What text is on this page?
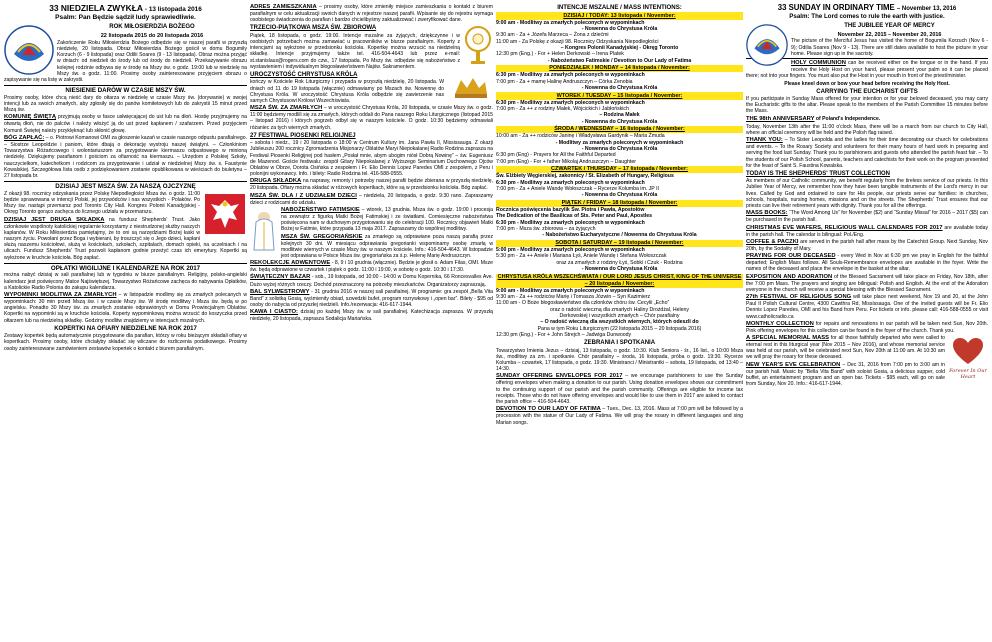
33 NIEDZIELA ZWYKŁA - 13 listopada 2016
Psalm: Pan Będzie sądził ludy sprawiedliwie.
ROK MIŁOSIERDZIA BOŻEGO
22 listopada 2015 do 20 listopada 2016

Zakończenie Roku Miłosierdzia Bożego odbędzie się w naszej parafii w przyszłą niedzielę, 20 listopada. Obraz Miłosierdzia Bożego gościł w domu Bogumiły Korzuch (6 - 9 listopada) oraz Odilii Soares (9 - 13 listopada). Obraz można przyjąć w dniach: od niedzieli do środy lub od środy do niedzieli. Przekazywanie obrazu kolejnej rodzinie odbywa się w środę na Mszy św. o godz. 19:00 lub w niedzielę na Mszy św. o godz. 11:00. Prosimy osoby zainteresowane przyjęciem obrazu o zapisywanie się na listę w zakrystii.

NIESIENIE DARÓW W CZASIE MSZY ŚW.

Prosimy osoby, które chcą nieść dary do ołtarza w niedzielę w czasie Mszy św. (dorywanie) w swojej intencji lub za swoich zmarłych, aby zgłosiły się do panów komitetowych lub do zakrystii 15 minut przed Mszą św.

KOMUNIĘ ŚWIĘTĄ przyjmują osoby w fasce usłwięcającej do ust lub na dłoń. Hostię przyjmujemy na otwartą dłoń, nie do palców i należy włożyć ją do ust przed kapłanem / szafarzem. Przed przyjęciem Komunii Świętej należy przyklęknąć lub skłonić głowę.

BÓG ZAPŁAĆ: – o. Piotrowi Komanowi OMI za głoszenie kazań w czasie naszego odpustu parafialnego. – Siostrze Leopoldzie i paniom, które dbają o dekorację wystroju naszej świątyni. – Członkiniom Towarzystwa Różańcowego i wolontariuszom za przygotowanie kiermaszu odpustowego w minioną niedzielę. Dziękujemy parafianom i gościom za ofiarność na kiermaszu. – Urzędom z Polskiej Szkoły, nauczycielkom, katechetkom i rodzicom za przygotowanie i udział w niedzielnej Mszy św. s. Faustynie Kowalskiej. Szczegółowa lista osób z podziękowaniem zostanie opublikowana w wieściach do biuletynu – 27 listopada br.

DZISIAJ JEST MSZA ŚW. ZA NASZĄ OJCZYZNĘ

Z okazji 98. rocznicy odzyskania przez Polskę Niepodległości Msza św. o godz. 11:00 będzie sprawowana w intencji Polski, jej przywódców i nas wszystkich - Polaków. Po Mszy św. nastąpi przemarsz pod Toronto City Hall. Kongres Polonii Kanadyjskiej - Okręg Toronto gorąco zachęca do licznego udziału w przemarszu.

DZISIAJ JEST DRUGA SKŁADKA na fundusz Shepherds' Trust. Jako członkowie wspólnoty katolickiej regularnie korzystamy z niestrudzonej służby naszych kapłanów. W Roku Miłosierdzia pamiętajmy, że to oni są narzędziami Bożej łaski w naszym życiu. Powołani przez Boga i wybierani, by troszczyć się o Jego dzieci, kapłani służą naszemu kościołowi, służą w kościołach, szkołach, szpitalach, domach opieki, na uczelniach i na ulicach. Fundusz Shepherds' Trust pozwoli kapłanom godnie przeżyć czas ich emerytury. Kopertki są wyłożone w kruchcie kościoła. Bóg zapłać.

OPŁATKI WIGILIJNE I KALENDARZE NA ROK 2017

można nabyć dzisiaj w sali parafialnej lub w tygodniu w biurze parafialnym. Religijny, polsko-angielski kalendarz jest poświęcony Matce Najświętszej. Towarzystwo Różańcowe zachęca do nabywania Opłatków, a Katolickie Radio Polonia do zakupu kalendarza.

WYPOMINKI MODLITWA ZA ZMARŁYCH – w listopadzie modlimy się za zmarłych polecanych w wypominkach: 30 min przed Mszą św. i w czasie Mszy św. W środę modlitwy i Msza św. będą w po angielsku. Ponadto 30 Mszy św. za zmarłych zostanie odprawionych w Domu Prowincjalnym Oblatów. Kopertki na wypominki są w kruchcie kościoła. Koperty wypominkową można wrzucić do koszyczka przed ołtarzem lub na niedzielną składkę. Godziny modlitw znajdziemy w intencjach mszalnych.

KOPERTKI NA OFIARY NIEDZIELNE NA ROK 2017

Zestawy kopertek będą automatycznie przygotowane dla parafian, którzy w roku bieżącym składali ofiary w kopertkach. Prosimy osoby, które chciałyby składać się wliczane do rozliczenia podatkowego. Prosimy osoby zainteresowane zamówieniem zestawów kopertek o kontakt z biurem parafialnym.

ADRES ZAMIESZKANIA – prosimy osoby, które zmieniły miejsce zamieszkania o kontakt z biurem parafialnym w celu aktualizacji swoich danych w rejestrze naszej parafii. Wpisanie się do rejestru wymaga osobistego świadczenia do parafian i bardzo chcielibyśmy zaktualizować i zweryfikować dane.

TRZECIO-PIĄTKOWA MSZA ŚW. ZBIOROWA

Piątek, 18 listopada, o godz. 19:00. Intencje mszalne za żyjących, dziękczynne i w osobistych potrzebach można zamawiać u pracowników w biurze parafialnym. Koperty z intencjami są wyłożone w przedsionku kościoła. Kopertkę można wrzucić na niedzielną składkę. Intencje przyjmujemy także tel. 416-504-4643 lub przez e-mail: st.stanislaus@rogers.com do czw., 17 listopada. Po Mszy św. odbędzie się nabożeństwo z wystawieniem i indywidualnym błogosławieństwem Najśw. Sakramentem.

UROCZYSTOŚĆ CHRYSTUSA KRÓLA

kończy w Kościele Rok Liturgiczny i przypada w przyszłą niedzielę, 20 listopada. W dniach od 11 do 19 listopada (włącznie) odmawiamy po Mszach św. Nowennę do Chrystusa Króla. W uroczystość Chrystusa Króla odbędzie się zawierzenie nas samych Chrystusowi Królowi Wszechświata.

MSZA ŚW. ZA ZMARŁYCH – w uroczystość Chrystusa Króla, 20 listopada, w czasie Mszy św. o godz. 11:00 będziemy modlili się za zmarłych, których oddali do Pana naszego Roku Liturgicznego (listopad 2015 – listopad 2016) i których pogrzeb odbył się w naszym kościele. O godz. 10:30 będziemy odmawiali różaniec za tych wiernych zmarłych.

27 FESTIWAL PIOSENKI RELIGIJNEJ

– sobota i niedz., 19 i 20 listopada o 18:00 w Centrum Kultury im. Jana Pawła II, Mississauga. Z okazji Jubileuszu 200 rocznicy Zgromadzenia Misjonarzy Oblatów Maryi Niepokalanej Radio Rodzina zaprasza na Festiwal Piosenki Religijnej pod hasłem „Posłał mnie, abym ubogim niósł Dobrą Nowinę” – św. Eugeniusz de Mazenod. Goście festiwalu: zespół Gitary Niepokalanej z Wyższego Seminarium Duchownego Ojców Oblatów w Obrze, Dorota Osińska z zespołem i Fr. Elio Dennis Lopez Paredes OMI z zespołem, z Peru i polonijni wykonawcy. Info. i bilety: Radio Rodzina tel. 416-588-0555.

DRUGA SKŁADKA na naprawy, remonty i potrzeby naszej parafii będzie zbierana w przyszłą niedzielę, 20 listopada. Ofiary można składać w różowych kopertkach, które są w przedsionku kościoła. Bóg zapłać.

MSZA ŚW. DLA / Z UDZIAŁEM DZIECI – niedziela, 20 listopada, o godz. 9:30 rano. Zapraszamy dzieci z rodzicami do udziału.

NABOŻEŃSTWO FATIMSKIE – wtorek, 13 grudnia. Msza św. o godz. 19:00 i procesja na zewnątrz z figurką Matki Bożej Fatimskiej i ze światłami. Comiesięczne nabożeństwa poświęcona nam w duchowym przygotowaniu się do celebracji 100. Rocznicy objawień Matki Bożej w Fatimie, które przypada 13 maja 2017. Zapraszamy do wspólnej modlitwy.

MSZA ŚW. GREGORIAŃSKIE za zmarłego są odprawiane poza naszą parafią przez kolejnych 30 dni. W miesiącu odprawiania gregorianki wspominamy osobę zmarłą w modlitwie wiernych w czasie Mszy św. w naszym kościele. Info.: 416-504-4643. W listopadzie jest odprawiana w Polsce Msza św. gregoriańska za ś.p. Helenę Marię Andruszczyn.

REKOLEKCJE ADWENTOWE - 8, 9 i 10 grudnia (włącznie). Będzie je głosił o. Adam Filas, OMI. Msze św. będą odprawione w czwartek i piątek o godz. 11:00 i 19:00, w sobotę o godz. 10:30 i 17:30.

ŚWIĄTECZNY BAZAR - sob., 19 listopada, od 10:00 - 14:00 w Domu Kopernika, 66 Roncesvalles Ave. Dużo wyżej różnych rzeczy. Dochód przeznaczony na potrzeby mieszkańców. Organizatorzy zapraszają.

BAL SYLWESTROWY - 31 grudnia 2016 w naszej sali parafialnej. W programie: gra zespół „Bella Vita Band” z solistką Gosią, wyśmienity obiad, szwedzki bufet, program rozrywkowy i „open bar”. Bilety - $95 od osoby do nabycia od przyszłej niedzieli. Info./rezerwacja: 416-617-1944.

KAWA I CIASTO: dzisiaj po każdej Mszy św. w sali parafialnej. Katechizacja zaprasza. W przyszłą niedzielę, 20 listopada, zaprasza Sodalicja Mariańska.

INTENCJE MSZALNE / MASS INTENTIONS:
DZISIAJ / TODAY: 13 listopada / November:
9:00 am - Modlitwy za zmarłych poleconych w wypominkach
- Nowenna do Chrystusa Króla
9:30 am - Za + Józefa Marzeca – Żona z dziećmi
11:00 am - Za Polskę z okazji 98. Rocznicy Odzyskania Niepodległości
– Kongres Polonii Kanadyjskiej - Okręg Toronto
12:30 pm (Eng.) - For + Helen Derkowski – Irena Platek
- Nabożeństwo Fatimskie / Devotion to Our Lady of Fatima
PONIEDZIAŁEK / MONDAY – 14 listopada / November:
6:30 pm - Modlitwy za zmarłych poleconych w wypominkach
7:00 pm - Za + mamę Halinę Andruszczyn – Córka Zenobia
- Nowenna do Chrystusa Króla
WTOREK / TUESDAY – 15 listopada / November:
6:30 pm - Modlitwy za zmarłych poleconych w wypominkach
7:00 pm - Za ++ z rodziny Małek, Wójcickich i Jabłońskich
– Rodzina Małek
- Nowenna do Chrystusa Króla
ŚRODA / WEDNESDAY – 16 listopada / November:
10:00 am - Za ++ rodziców Janinę i Władysława Gardynik – Maria Żmuda
- Modlitwy za zmarłych poleconych w wypominkach
- Nowenna do Chrystusa Króla
6:30 pm (Eng) - Prayers for All the Faithful Departed
7:00 pm (Eng) - For + father Mikolaj Andruszczyn – Daughter
CZWARTEK / THURSDAY – 17 listopada / November:
Św. Elżbiety Węgierskiej, zakonnicy / St. Elizabeth of Hungary, Religious
6:30 pm - Modlitwy za zmarłych poleconych w wypominkach
7:00 pm - Za + Aniele Wandę Wołoszczak – Rycerze Kolumba im. JP II
- Nowenna do Chrystusa Króla
PIĄTEK / FRIDAY – 18 listopada / November:
Rocznica poświęcenia bazylik Św. Piotra i Pawła, Apostołów
The Dedication of the Basilicas of Sts. Peter and Paul, Apostles
6:30 pm - Modlitwy za zmarłych poleconych w wypominkach
7:00 pm - Msza św. zbiorowa – za żyjących
- Nabożeństwo Eucharystyczne / Nowenna do Chrystusa Króla
SOBOTA / SATURDAY – 19 listopada / November:
5:00 pm - Modlitwy za zmarłych poleconych w wypominkach
5:30 pm - Za ++ Aniele i Mariana Łyś, Aniele Wandę i Stefana Wołoszczak
oraz za zmarłych z rodziny Łyś, Sobki i Czuk - Rodzina
- Nowenna do Chrystusa Króla
CHRYSTUSA KRÓLA WSZECHŚWIATA / OUR LORD JESUS CHRIST, KING OF THE UNIVERSE – 20 listopada / November:
9:00 am - Modlitwy za zmarłych poleconych w wypominkach
9:30 am - Za ++ rodziców Marię i Tomasza Józwin – Syn Kazimierz
11:00 am - O Boże błogosławieństwo dla członków chóru św. Cecylii „Echo”
oraz o radość wieczną dla zmarłych Haliny Drożdżal, Heleny
Derkowskiej i wszystkich zmarłych – Chór parafialny
– O radość wieczną dla wszystkich wiernych, których odeszli do
Pana w tym Roku Liturgicznym (22 listopada 2015 – 20 listopada 2016)
12:30 pm (Eng.) - For + John Strejch – Jadwiga Dunwoody
ZEBRANIA I SPOTKANIA

Towarzystwo Imienia Jezus – dzisiaj, 13 listopada, o godz. 10:30. Klub Seniora - śr., 16 list., o 10:00 Msza św., modlitwy za zm. i spotkanie. Chór parafialny – środa, 16 listopada, próba o godz. 19:30. Rycerze Kolumba – czwartek, 17 listopada, o godz. 19:30. Ministranci / Ministrantki – sobota, 19 listopada, od 13:40 – 14:30.

SUNDAY OFFERING ENVELOPES FOR 2017 – we encourage parishioners to use the Sunday offering envelopes when making a donation to our parish. Using donation envelopes shows our commitment to the continuing support of our parish and the parish community. Offerings are eligible for income tax receipts. Those who do not have offering envelopes and would like to use them in 2017 are asked to contact the parish office – 416-504-4643.

DEVOTION TO OUR LADY OF FATIMA – Tues., Dec. 13, 2016. Mass at 7:00 pm will be followed by a procession with the statue of Our Lady of Fatima. We will pray the rosary in different languages and sing Marian songs.

33 SUNDAY IN ORDINARY TIME – November 13, 2016
Psalm: The Lord comes to rule the earth with justice.
THE JUBILEE YEAR OF MERCY
November 22, 2015 – November 20, 2016

The picture of the Merciful Jesus has visited the home of Bogumila Korzuch (Nov 6 - 9); Odilia Soares (Nov 9 - 13). There are still dates available to host the picture in your home. Please sign up in the sacristy.

HOLY COMMUNION can be received either on the tongue or in the hand. If you receive the Holy Host on your hand, please present your palm so it can be placed there; not into your fingers. You must also put the Host in your mouth in front of the priest/minister.

Please kneel down or bow your head before receiving the Holy Host.

CARRYING THE EUCHARIST GIFTS

If you participate in Sunday Mass offered for your intention or for your beloved deceased, you may carry the Eucharistic gifts to the altar. Please speak to the members of the Parish Committee 15 minutes before the Mass.

THE 98th ANNIVERSARY of Poland's Independence.

Today, November 13th after the 11:00 o'clock Mass, there will be a march from our church to City Hall, where an official ceremony will be held and the Polish flag raised.

THANK YOU: – To Sister Leopolda and the ladies for their time decorating our church for celebrations and events. – To the Rosary Society and volunteers for their many hours of hard work in preparing and serving the food last Sunday. Thank you to parishioners and guests who attended the parish feast fair. – To the students of our Polish School, parents, teachers and catechists for their work on the program presented for the feast of Saint S. Faustina Kowalska.

TODAY IS THE SHEPHERDS' TRUST COLLECTION

As members of our Catholic community, we benefit regularly from the tireless service of our priests. In this Jubilee Year of Mercy, we remember how they have been tangible instruments of the Lord's mercy in our lives. Called by God and ordained to care for His people, our priests serve our families: in churches, schools, hospitals, nursing homes, missions and on the streets. The Shepherds' Trust ensures that our priests can live their retirement years with dignity. Thank you for all the offerings.

MASS BOOKS: “The Word Among Us” for November ($2) and “Sunday Missal” for 2016 – 2017 ($5) can be purchased in the parish hall.

CHRISTMAS EVE WAFERS, RELIGIOUS WALL CALENDARS FOR 2017 are available today in the parish hall. The calendar is bilingual: Pol./Eng.

COFFEE & PACZKI are served in the parish hall after mass by the Catechist Group. Next Sunday, Nov 20th, by the Sodality of Mary.

PRAYING FOR OUR DECEASED - every Wed in Nov at 6:30 pm we pray in English for the faithful departed; English Mass follows. All Souls-Remembrance envelopes are available in the foyer. Write the names of the deceased and place the envelope in the basket at the altar.

EXPOSITION AND ADORATION of the Blessed Sacrament will take place on Friday, Nov 18th, after the 7:00 pm Mass. The prayers and singing are bilingual: Polish and English. At the end of the Adoration everyone in the church will receive a special blessing with the Blessed Sacrament.

27th FESTIVAL OF RELIGIOUS SONG will take place next weekend, Nov 19 and 20, at the John Paul II Polish Cultural Centre, 4300 Cawthra Rd, Mississauga. One of the invited guests will be Fr. Elio Dennis Lopez Paredes, OMI and his Band from Peru. For tickets or info. please call: 416-588-0555 or visit www.catholicradio.ca

MONTHLY COLLECTION for repairs and renovations in our parish will be taken next Sun, Nov 20th. Pink offering envelopes for this collection can be found in the foyer of the church. Thank you.

Forever In Our Heart

A SPECIAL MEMORIAL MASS for all those faithfully departed who were called to eternal rest in this liturgical year (Nov 2015 – Nov 2016), and whose memorial service was held at our parish, will be celebrated next Sun, Nov 20th at 11:00 am. At 10:30 am we will pray the rosary for these deceased.

NEW YEAR'S EVE CELEBRATION – Dec 31, 2016 from 7:00 pm to 3:00 am in our parish hall. Music by “Bella Vita Band” with soloist Gosia, a delicious supper, cold buffet, an entertainment program and an open bar. Tickets - $95 each, will go on sale from Sunday, Nov 20. Info.: 416-617-1944.
